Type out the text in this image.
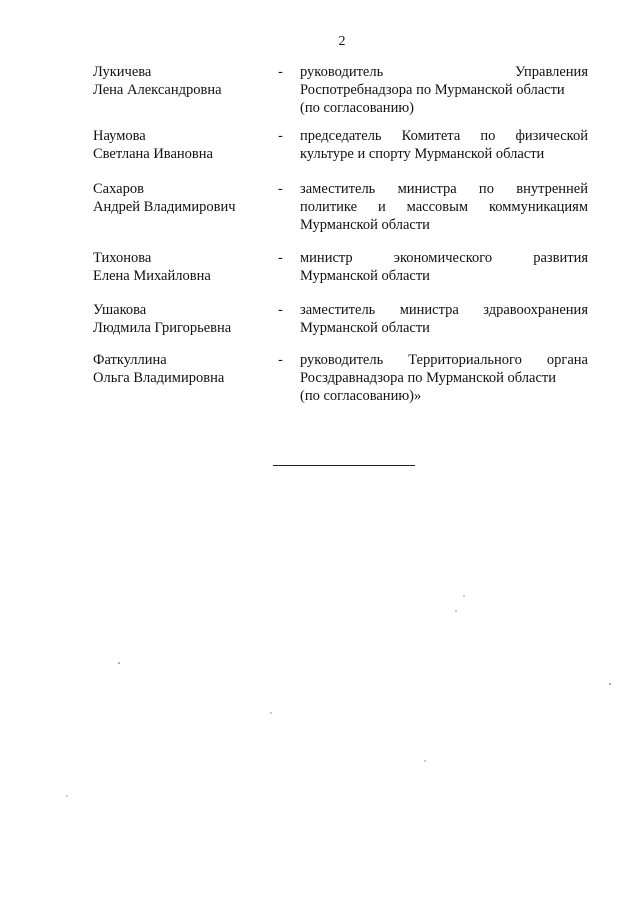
2
Лукичева
Лена Александровна
-	руководитель Управления
Роспотребнадзора по Мурманской области
(по согласованию)
Наумова
Светлана Ивановна
-	председатель Комитета по физической
культуре и спорту Мурманской области
Сахаров
Андрей Владимирович
-	заместитель министра по внутренней
политике и массовым коммуникациям
Мурманской области
Тихонова
Елена Михайловна
-	министр экономического развития
Мурманской области
Ушакова
Людмила Григорьевна
-	заместитель министра здравоохранения
Мурманской области
Фаткуллина
Ольга Владимировна
-	руководитель Территориального органа
Росздравнадзора по Мурманской области
(по согласованию)»
